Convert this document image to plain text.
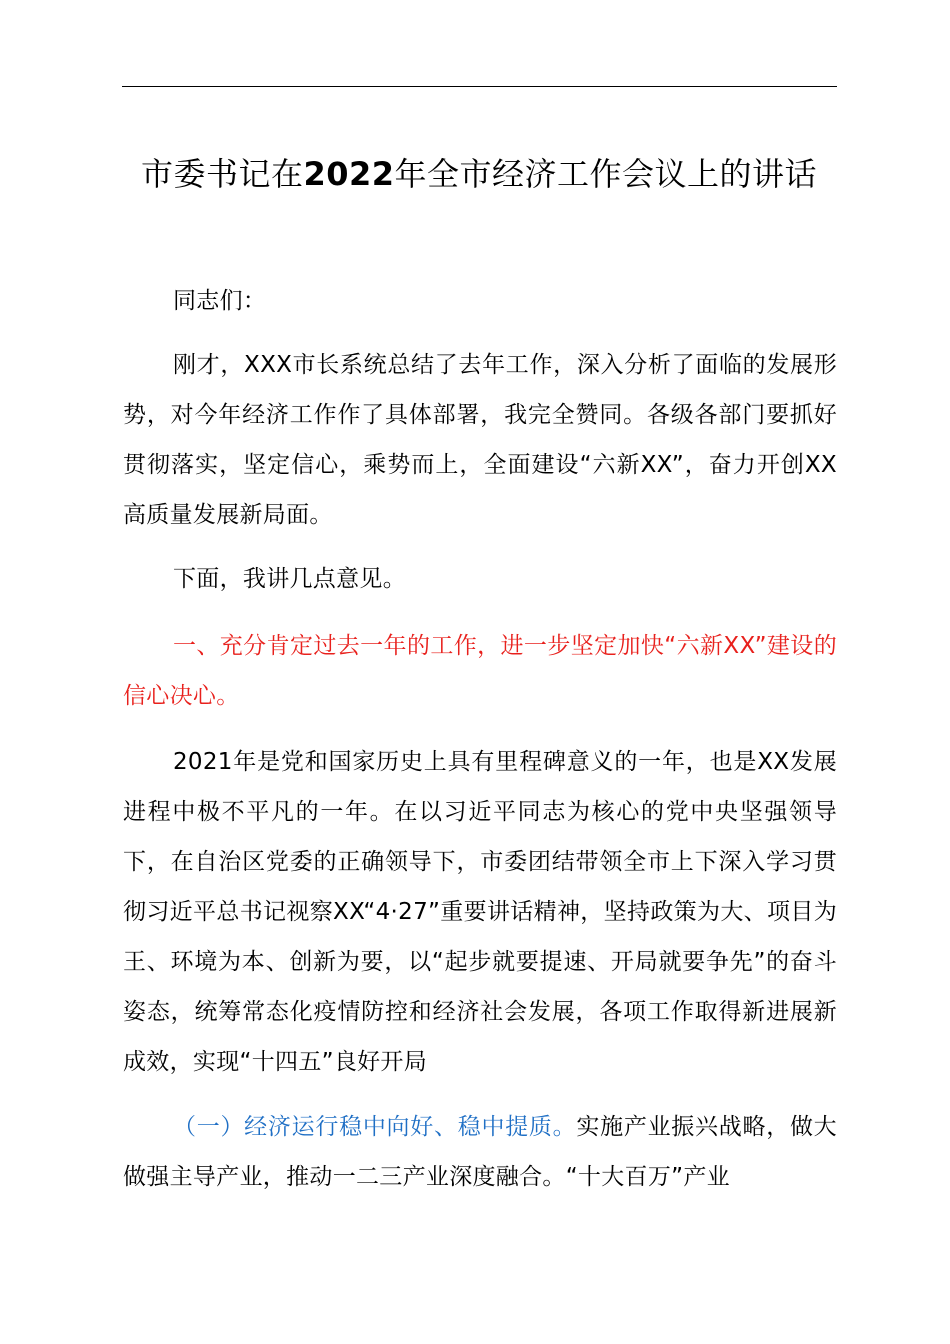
市委书记在2022年全市经济工作会议上的讲话
同志们：
刚才，XXX市长系统总结了去年工作，深入分析了面临的发展形势，对今年经济工作作了具体部署，我完全赞同。各级各部门要抓好贯彻落实，坚定信心，乘势而上，全面建设“六新XX”，奋力开创XX高质量发展新局面。
下面，我讲几点意见。
一、充分肯定过去一年的工作，进一步坚定加快“六新XX”建设的信心决心。
2021年是党和国家历史上具有里程碑意义的一年，也是XX发展进程中极不平凡的一年。在以习近平同志为核心的党中央坚强领导下，在自治区党委的正确领导下，市委团结带领全市上下深入学习贯彻习近平总书记视察XX“4·27”重要讲话精神，坚持政策为大、项目为王、环境为本、创新为要，以“起步就要提速、开局就要争先”的奋斗姿态，统筹常态化疫情防控和经济社会发展，各项工作取得新进展新成效，实现“十四五”良好开局
（一）经济运行稳中向好、稳中提质。实施产业振兴战略，做大做强主导产业，推动一二三产业深度融合。“十大百万”产业
